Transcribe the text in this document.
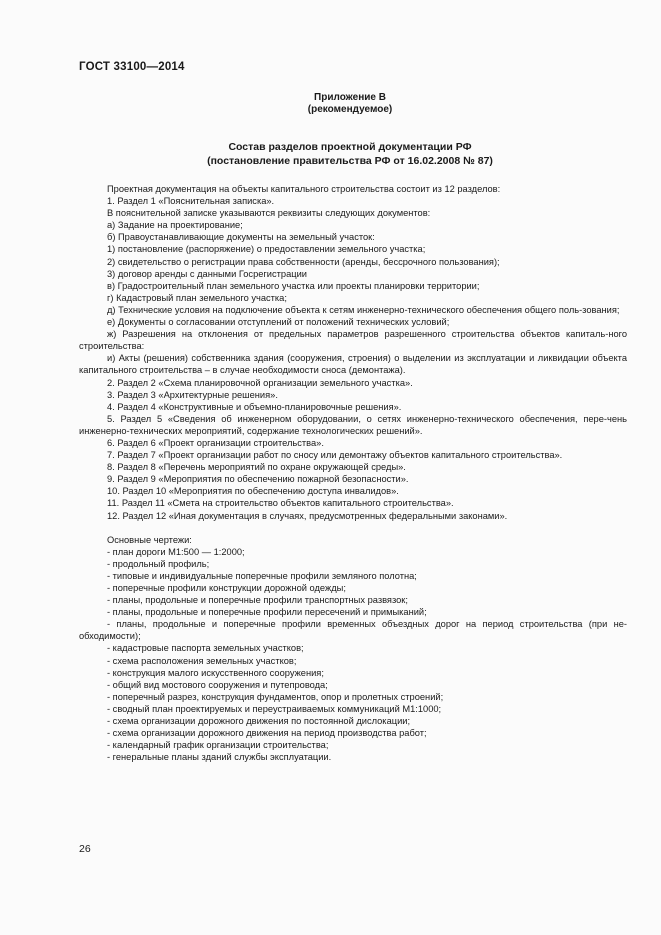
ГОСТ 33100—2014
Приложение В
(рекомендуемое)
Состав разделов проектной документации РФ
(постановление правительства РФ от 16.02.2008 № 87)

Проектная документация на объекты капитального строительства состоит из 12 разделов:

1. Раздел 1 «Пояснительная записка».

В пояснительной записке указываются реквизиты следующих документов:

а) Задание на проектирование;

б) Правоустанавливающие документы на земельный участок:

1) постановление (распоряжение) о предоставлении земельного участка;

2) свидетельство о регистрации права собственности (аренды, бессрочного пользования);

3) договор аренды с данными Госрегистрации

в) Градостроительный план земельного участка или проекты планировки территории;

г) Кадастровый план земельного участка;

д) Технические условия на подключение объекта к сетям инженерно-технического обеспечения общего поль-зования;

е) Документы о согласовании отступлений от положений технических условий;

ж) Разрешения на отклонения от предельных параметров разрешенного строительства объектов капиталь-ного строительства:

и) Акты (решения) собственника здания (сооружения, строения) о выделении из эксплуатации и ликвидации объекта капитального строительства – в случае необходимости сноса (демонтажа).

2. Раздел 2 «Схема планировочной организации земельного участка».

3. Раздел 3 «Архитектурные решения».

4. Раздел 4 «Конструктивные и объемно-планировочные решения».

5. Раздел 5 «Сведения об инженерном оборудовании, о сетях инженерно-технического обеспечения, пере-чень инженерно-технических мероприятий, содержание технологических решений».

6. Раздел 6 «Проект организации строительства».

7. Раздел 7 «Проект организации работ по сносу или демонтажу объектов капитального строительства».

8. Раздел 8 «Перечень мероприятий по охране окружающей среды».

9. Раздел 9 «Мероприятия по обеспечению пожарной безопасности».

10. Раздел 10 «Мероприятия по обеспечению доступа инвалидов».

11. Раздел 11 «Смета на строительство объектов капитального строительства».

12. Раздел 12 «Иная документация в случаях, предусмотренных федеральными законами».

Основные чертежи:

- план дороги М1:500 — 1:2000;

- продольный профиль;

- типовые и индивидуальные поперечные профили земляного полотна;

- поперечные профили конструкции дорожной одежды;

- планы, продольные и поперечные профили транспортных развязок;

- планы, продольные и поперечные профили пересечений и примыканий;

- планы, продольные и поперечные профили временных объездных дорог на период строительства (при не-обходимости);

- кадастровые паспорта земельных участков;

- схема расположения земельных участков;

- конструкция малого искусственного сооружения;

- общий вид мостового сооружения и путепровода;

- поперечный разрез, конструкция фундаментов, опор и пролетных строений;

- сводный план проектируемых и переустраиваемых коммуникаций М1:1000;

- схема организации дорожного движения по постоянной дислокации;

- схема организации дорожного движения на период производства работ;

- календарный график организации строительства;

- генеральные планы зданий службы эксплуатации.

26
